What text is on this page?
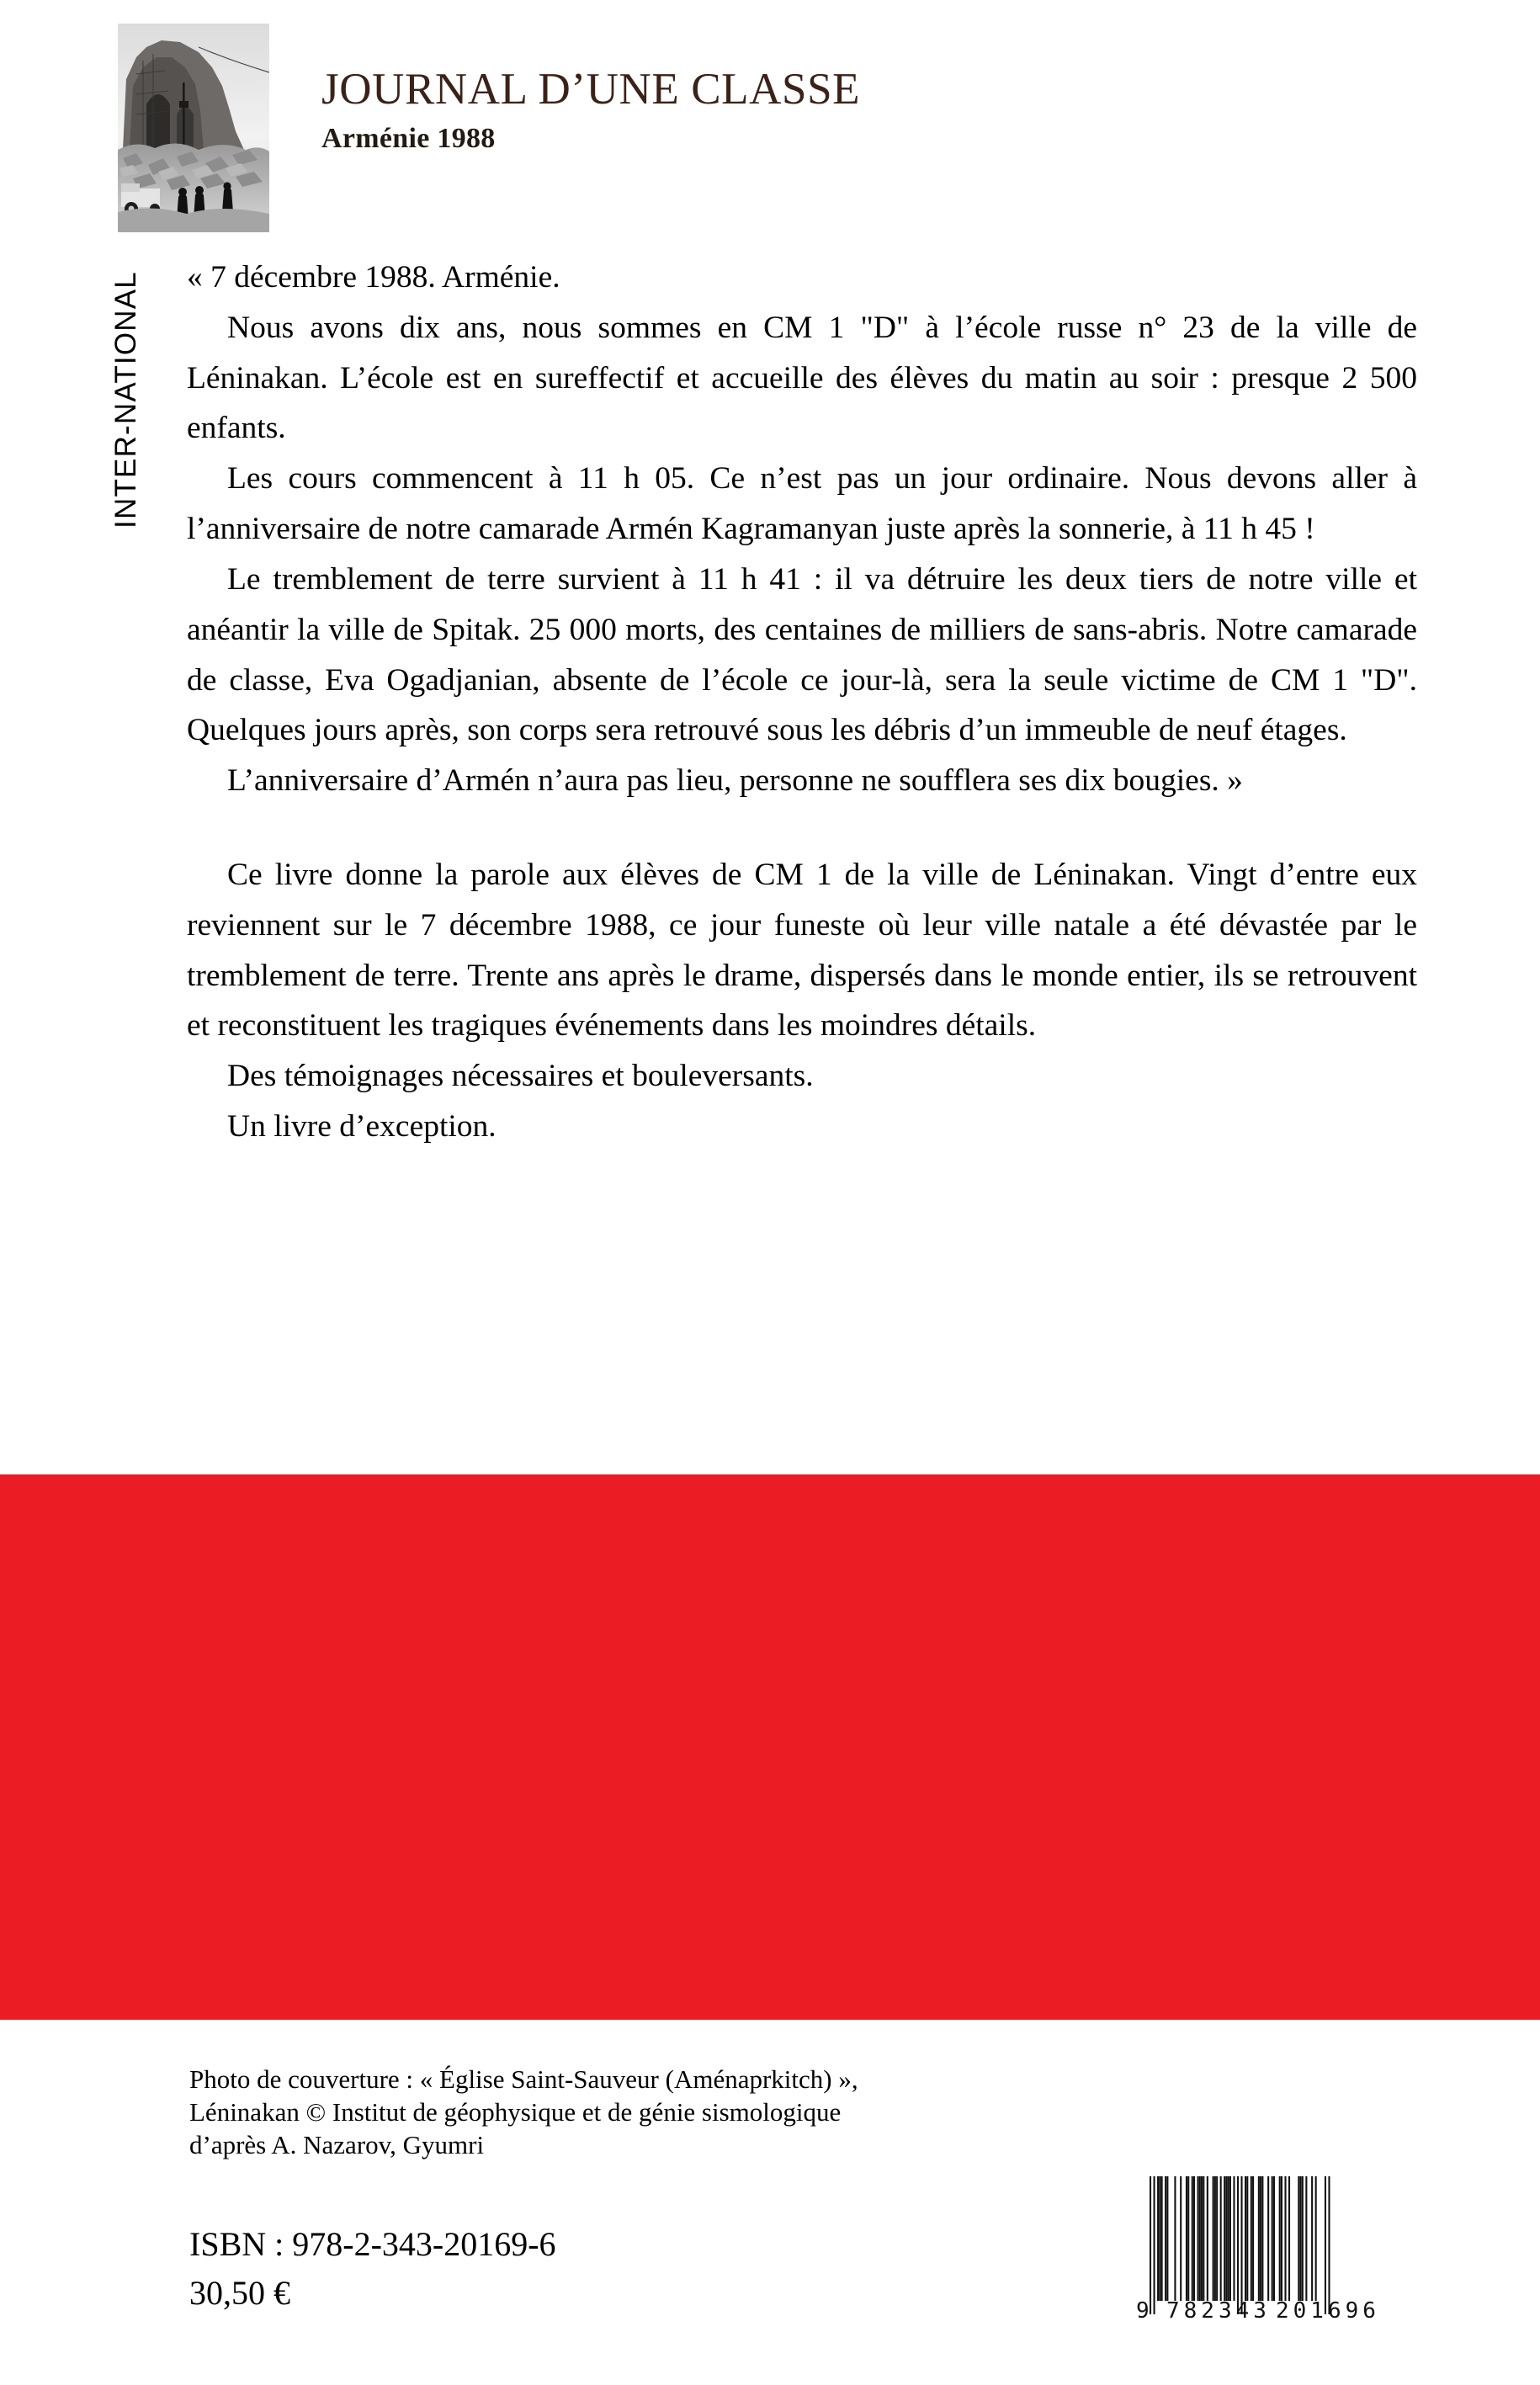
INTER-NATIONAL
JOURNAL D’UNE CLASSE
Arménie 1988

« 7 décembre 1988. Arménie.

Nous avons dix ans, nous sommes en CM 1 "D" à l’école russe n° 23 de la ville de Léninakan. L’école est en sureffectif et accueille des élèves du matin au soir : presque 2 500 enfants.

Les cours commencent à 11 h 05. Ce n’est pas un jour ordinaire. Nous devons aller à l’anniversaire de notre camarade Armén Kagramanyan juste après la sonnerie, à 11 h 45 !

Le tremblement de terre survient à 11 h 41 : il va détruire les deux tiers de notre ville et anéantir la ville de Spitak. 25 000 morts, des centaines de milliers de sans-abris. Notre camarade de classe, Eva Ogadjanian, absente de l’école ce jour-là, sera la seule victime de CM 1 "D". Quelques jours après, son corps sera retrouvé sous les débris d’un immeuble de neuf étages.

L’anniversaire d’Armén n’aura pas lieu, personne ne soufflera ses dix bougies. »

Ce livre donne la parole aux élèves de CM 1 de la ville de Léninakan. Vingt d’entre eux reviennent sur le 7 décembre 1988, ce jour funeste où leur ville natale a été dévastée par le tremblement de terre. Trente ans après le drame, dispersés dans le monde entier, ils se retrouvent et reconstituent les tragiques événements dans les moindres détails.

Des témoignages nécessaires et bouleversants.

Un livre d’exception.

Photo de couverture : « Église Saint-Sauveur (Aménaprkitch) »,
Léninakan © Institut de géophysique et de génie sismologique
d’après A. Nazarov, Gyumri
ISBN : 978-2-343-20169-6
30,50 €	9 782343 201696
